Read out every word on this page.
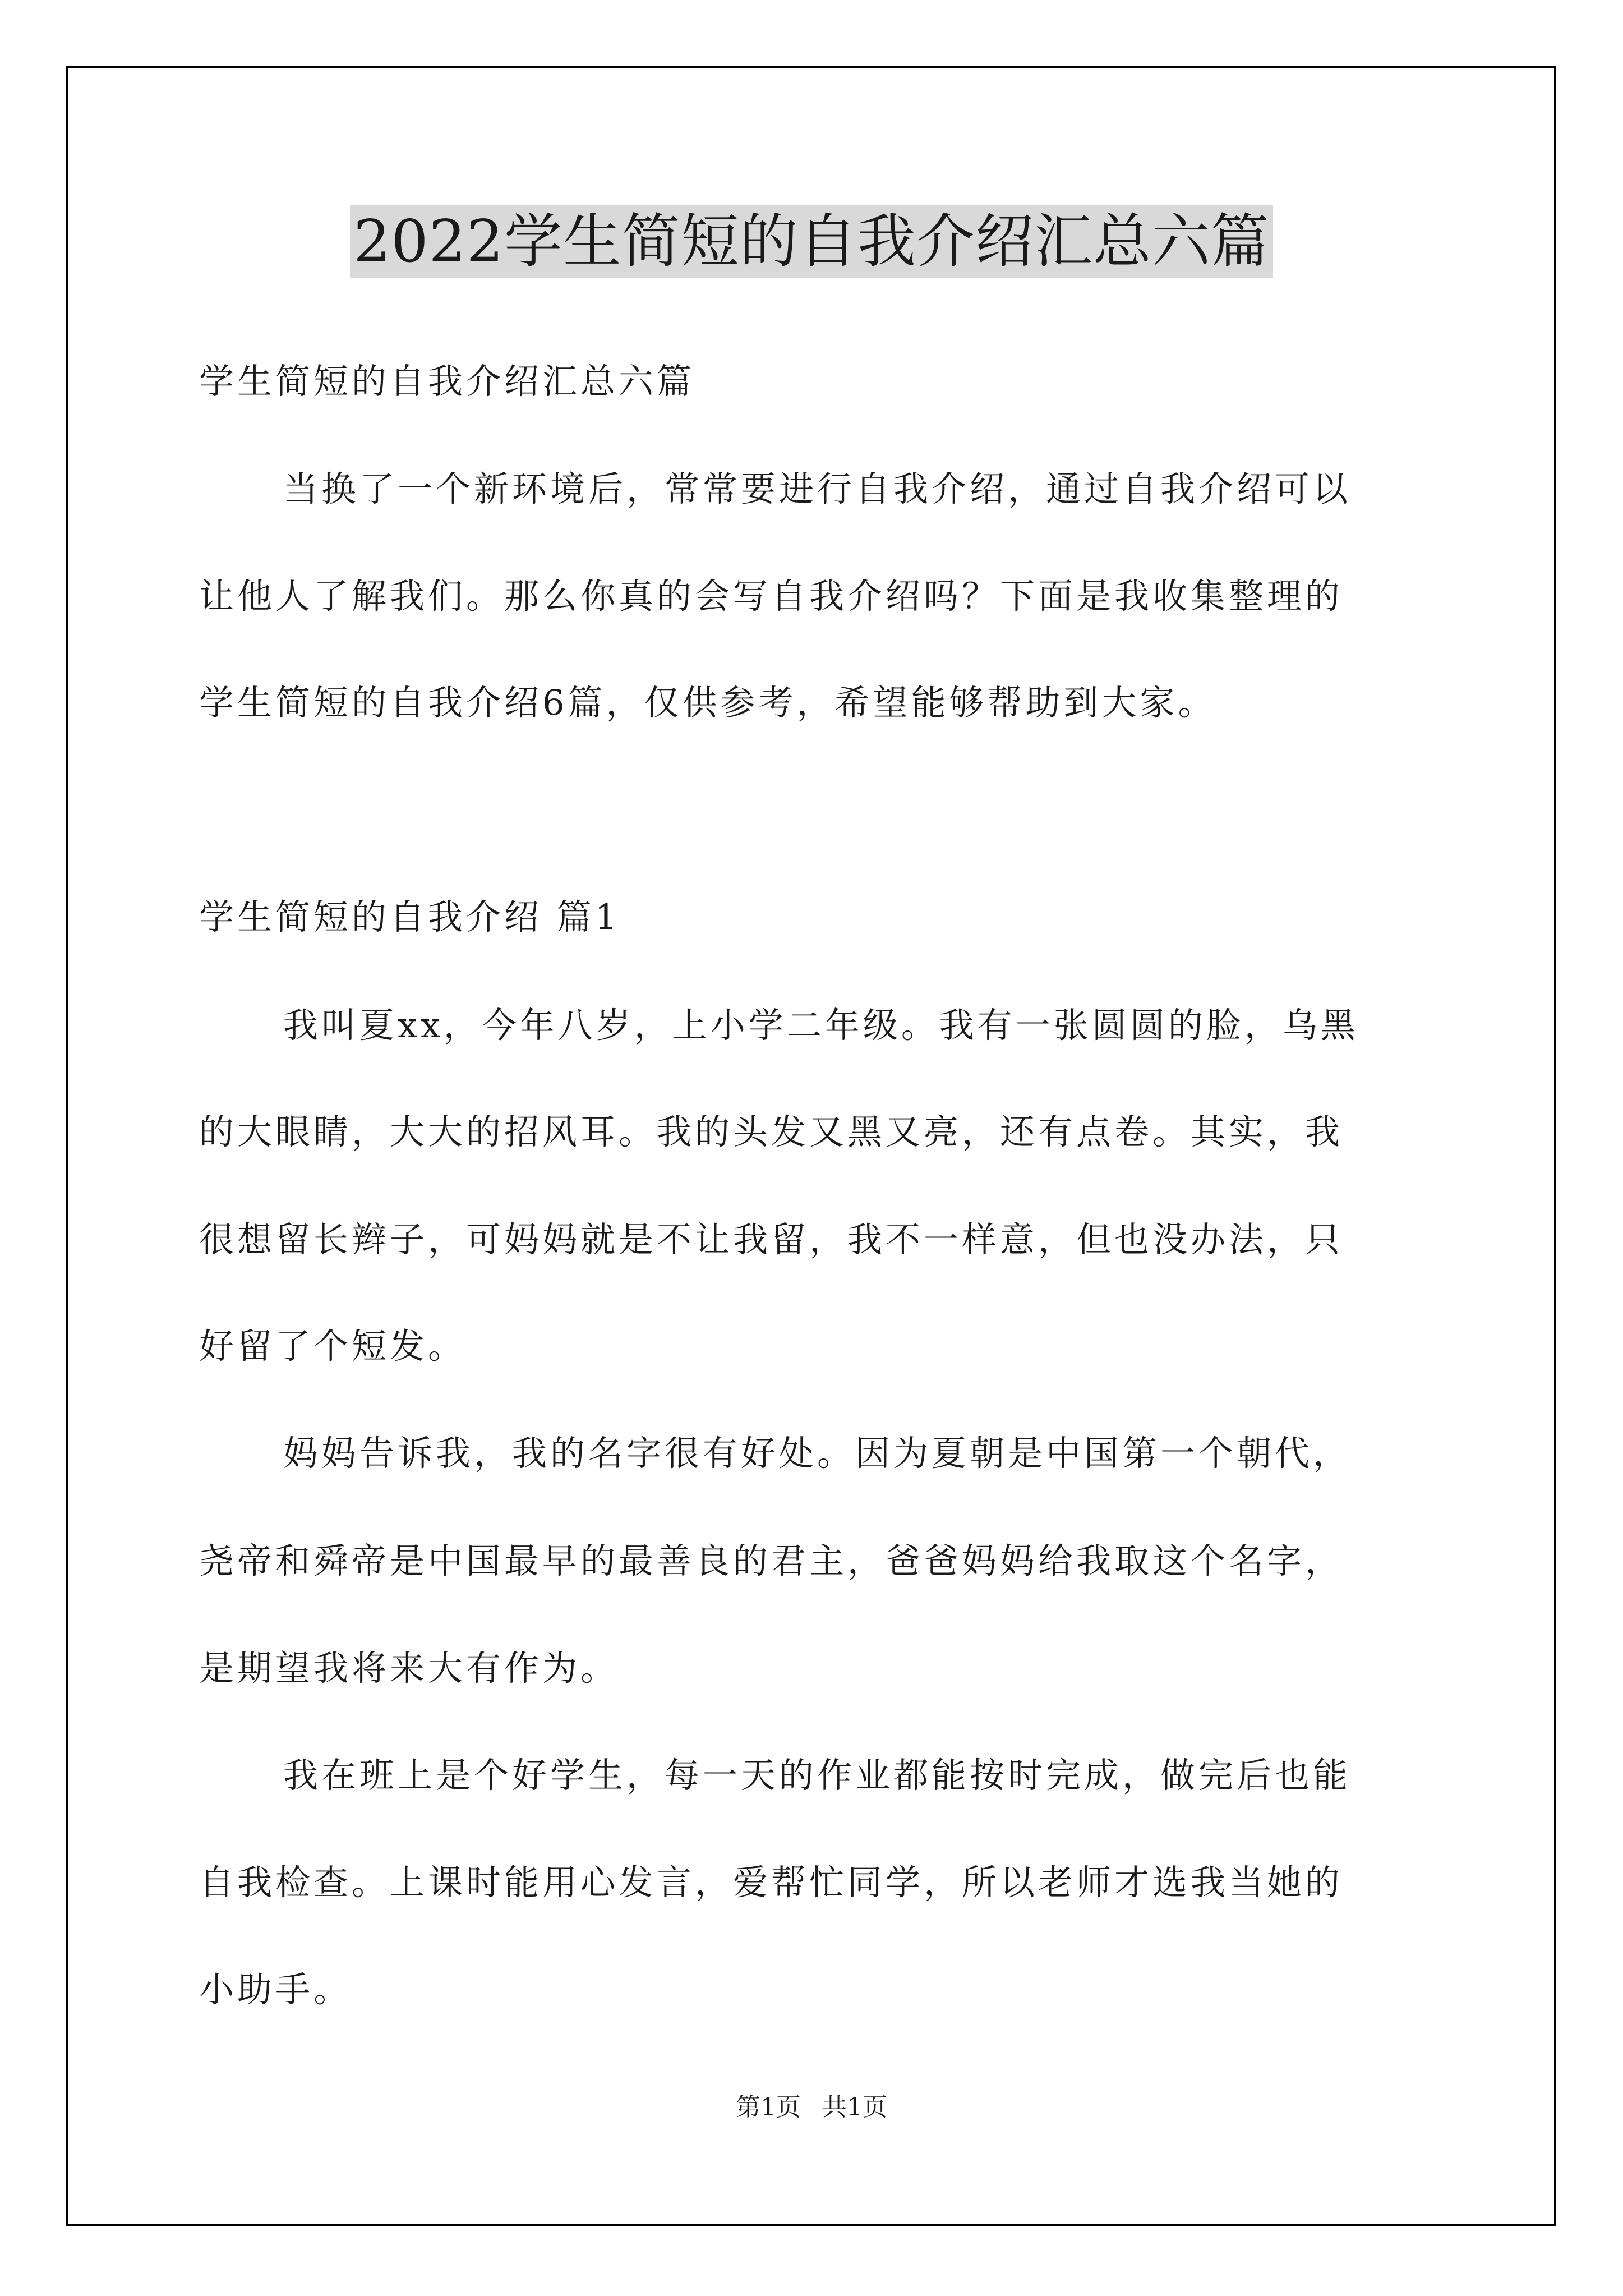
2022学生简短的自我介绍汇总六篇

学生简短的自我介绍汇总六篇

当换了一个新环境后，常常要进行自我介绍，通过自我介绍可以

让他人了解我们。那么你真的会写自我介绍吗？下面是我收集整理的

学生简短的自我介绍6篇，仅供参考，希望能够帮助到大家。

学生简短的自我介绍 篇1

我叫夏xx，今年八岁，上小学二年级。我有一张圆圆的脸，乌黑

的大眼睛，大大的招风耳。我的头发又黑又亮，还有点卷。其实，我

很想留长辫子，可妈妈就是不让我留，我不一样意，但也没办法，只

好留了个短发。

妈妈告诉我，我的名字很有好处。因为夏朝是中国第一个朝代，

尧帝和舜帝是中国最早的最善良的君主，爸爸妈妈给我取这个名字，

是期望我将来大有作为。

我在班上是个好学生，每一天的作业都能按时完成，做完后也能

自我检查。上课时能用心发言，爱帮忙同学，所以老师才选我当她的

小助手。

第1页 共1页
